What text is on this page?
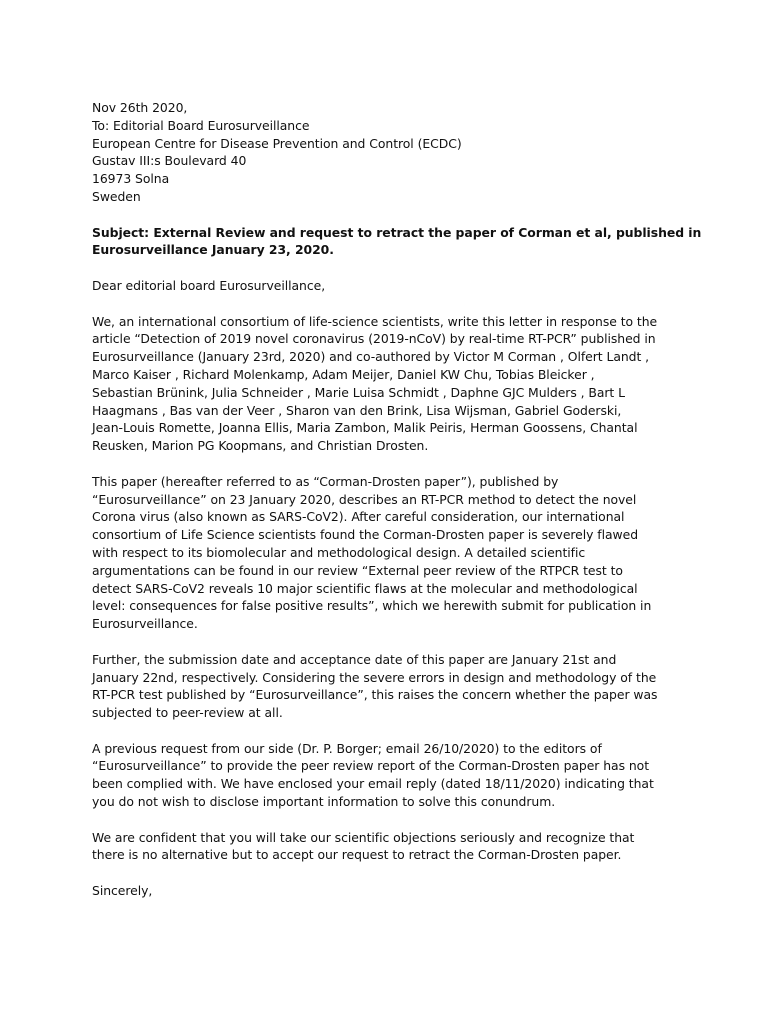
Nov 26th 2020,
To: Editorial Board Eurosurveillance
European Centre for Disease Prevention and Control (ECDC)
Gustav III:s Boulevard 40
16973 Solna
Sweden
Subject: External Review and request to retract the paper of Corman et al, published in
Eurosurveillance January 23, 2020.
Dear editorial board Eurosurveillance,

We, an international consortium of life-science scientists, write this letter in response to the
article “Detection of 2019 novel coronavirus (2019-nCoV) by real-time RT-PCR” published in
Eurosurveillance (January 23rd, 2020) and co-authored by Victor M Corman , Olfert Landt ,
Marco Kaiser , Richard Molenkamp, Adam Meijer, Daniel KW Chu, Tobias Bleicker ,
Sebastian Brünink, Julia Schneider , Marie Luisa Schmidt , Daphne GJC Mulders , Bart L
Haagmans , Bas van der Veer , Sharon van den Brink, Lisa Wijsman, Gabriel Goderski,
Jean-Louis Romette, Joanna Ellis, Maria Zambon, Malik Peiris, Herman Goossens, Chantal
Reusken, Marion PG Koopmans, and Christian Drosten.

This paper (hereafter referred to as “Corman-Drosten paper”), published by
“Eurosurveillance” on 23 January 2020, describes an RT-PCR method to detect the novel
Corona virus (also known as SARS-CoV2). After careful consideration, our international
consortium of Life Science scientists found the Corman-Drosten paper is severely flawed
with respect to its biomolecular and methodological design. A detailed scientific
argumentations can be found in our review “External peer review of the RTPCR test to
detect SARS-CoV2 reveals 10 major scientific flaws at the molecular and methodological
level: consequences for false positive results”, which we herewith submit for publication in
Eurosurveillance.

Further, the submission date and acceptance date of this paper are January 21st and
January 22nd, respectively. Considering the severe errors in design and methodology of the
RT-PCR test published by “Eurosurveillance”, this raises the concern whether the paper was
subjected to peer-review at all.

A previous request from our side (Dr. P. Borger; email 26/10/2020) to the editors of
“Eurosurveillance” to provide the peer review report of the Corman-Drosten paper has not
been complied with. We have enclosed your email reply (dated 18/11/2020) indicating that
you do not wish to disclose important information to solve this conundrum.

We are confident that you will take our scientific objections seriously and recognize that
there is no alternative but to accept our request to retract the Corman-Drosten paper.

Sincerely,
